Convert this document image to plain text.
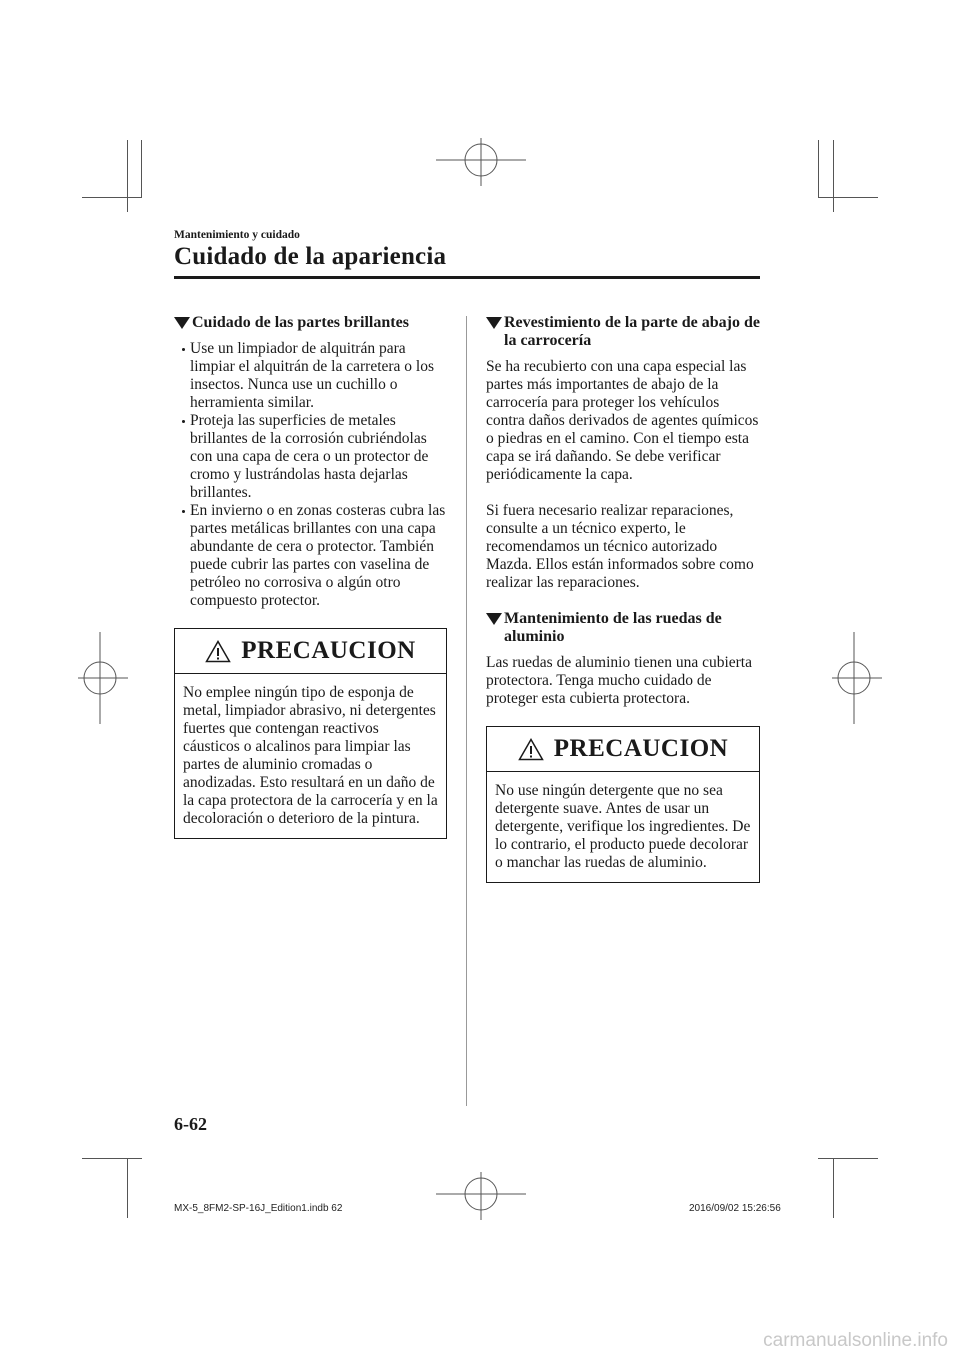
Mantenimiento y cuidado
Cuidado de la apariencia
Cuidado de las partes brillantes
Use un limpiador de alquitrán para limpiar el alquitrán de la carretera o los insectos. Nunca use un cuchillo o herramienta similar.
Proteja las superficies de metales brillantes de la corrosión cubriéndolas con una capa de cera o un protector de cromo y lustrándolas hasta dejarlas brillantes.
En invierno o en zonas costeras cubra las partes metálicas brillantes con una capa abundante de cera o protector. También puede cubrir las partes con vaselina de petróleo no corrosiva o algún otro compuesto protector.
PRECAUCION
No emplee ningún tipo de esponja de metal, limpiador abrasivo, ni detergentes fuertes que contengan reactivos cáusticos o alcalinos para limpiar las partes de aluminio cromadas o anodizadas. Esto resultará en un daño de la capa protectora de la carrocería y en la decoloración o deterioro de la pintura.
Revestimiento de la parte de abajo de la carrocería

Se ha recubierto con una capa especial las partes más importantes de abajo de la carrocería para proteger los vehículos contra daños derivados de agentes químicos o piedras en el camino. Con el tiempo esta capa se irá dañando. Se debe verificar periódicamente la capa.

Si fuera necesario realizar reparaciones, consulte a un técnico experto, le recomendamos un técnico autorizado Mazda. Ellos están informados sobre como realizar las reparaciones.

Mantenimiento de las ruedas de aluminio

Las ruedas de aluminio tienen una cubierta protectora. Tenga mucho cuidado de proteger esta cubierta protectora.

PRECAUCION
No use ningún detergente que no sea detergente suave. Antes de usar un detergente, verifique los ingredientes. De lo contrario, el producto puede decolorar o manchar las ruedas de aluminio.
6-62
MX-5_8FM2-SP-16J_Edition1.indb 62	2016/09/02 15:26:56
carmanualsonline.info
